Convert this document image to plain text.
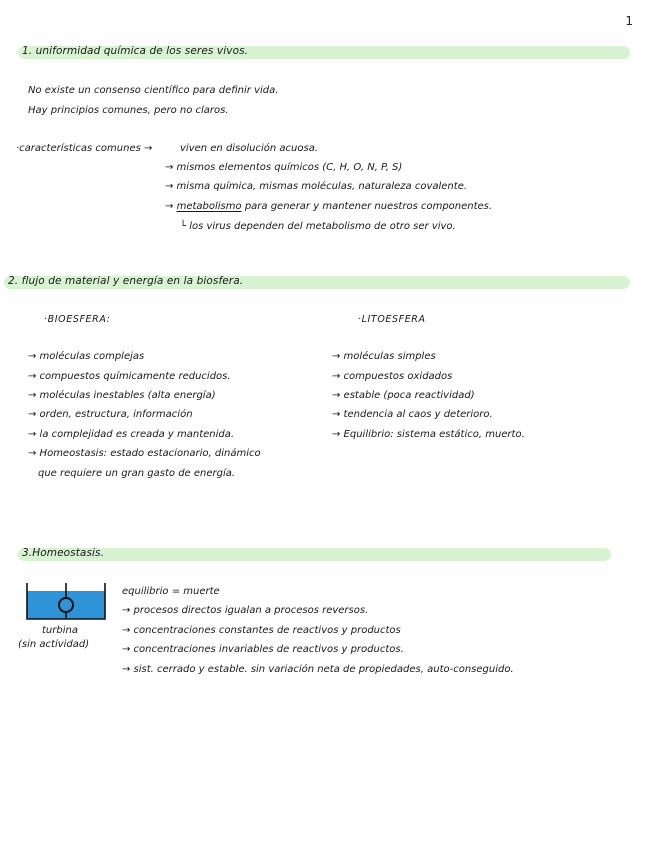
1
1. uniformidad química de los seres vivos.
No existe un consenso científico para definir vida.
Hay principios comunes, pero no claros.
·características comunes →	viven en disolución acuosa.
→ mismos elementos químicos (C, H, O, N, P, S)
→ misma química, mismas moléculas, naturaleza covalente.
→ metabolismo para generar y mantener nuestros componentes.
└ los virus dependen del metabolismo de otro ser vivo.
2. flujo de material y energía en la biosfera.
·BIOESFERA:	·LITOESFERA
→ moléculas complejas
→ compuestos químicamente reducidos.
→ moléculas inestables (alta energía)
→ orden, estructura, información
→ la complejidad es creada y mantenida.
→ Homeostasis: estado estacionario, dinámico
que requiere un gran gasto de energía.
→ moléculas simples
→ compuestos oxidados
→ estable (poca reactividad)
→ tendencia al caos y deterioro.
→ Equilibrio: sistema estático, muerto.
3.Homeostasis.
turbina
(sin actividad)
equilibrio = muerte
→ procesos directos igualan a procesos reversos.
→ concentraciones constantes de reactivos y productos
→ concentraciones invariables de reactivos y productos.
→ sist. cerrado y estable. sin variación neta de propiedades, auto-conseguido.
